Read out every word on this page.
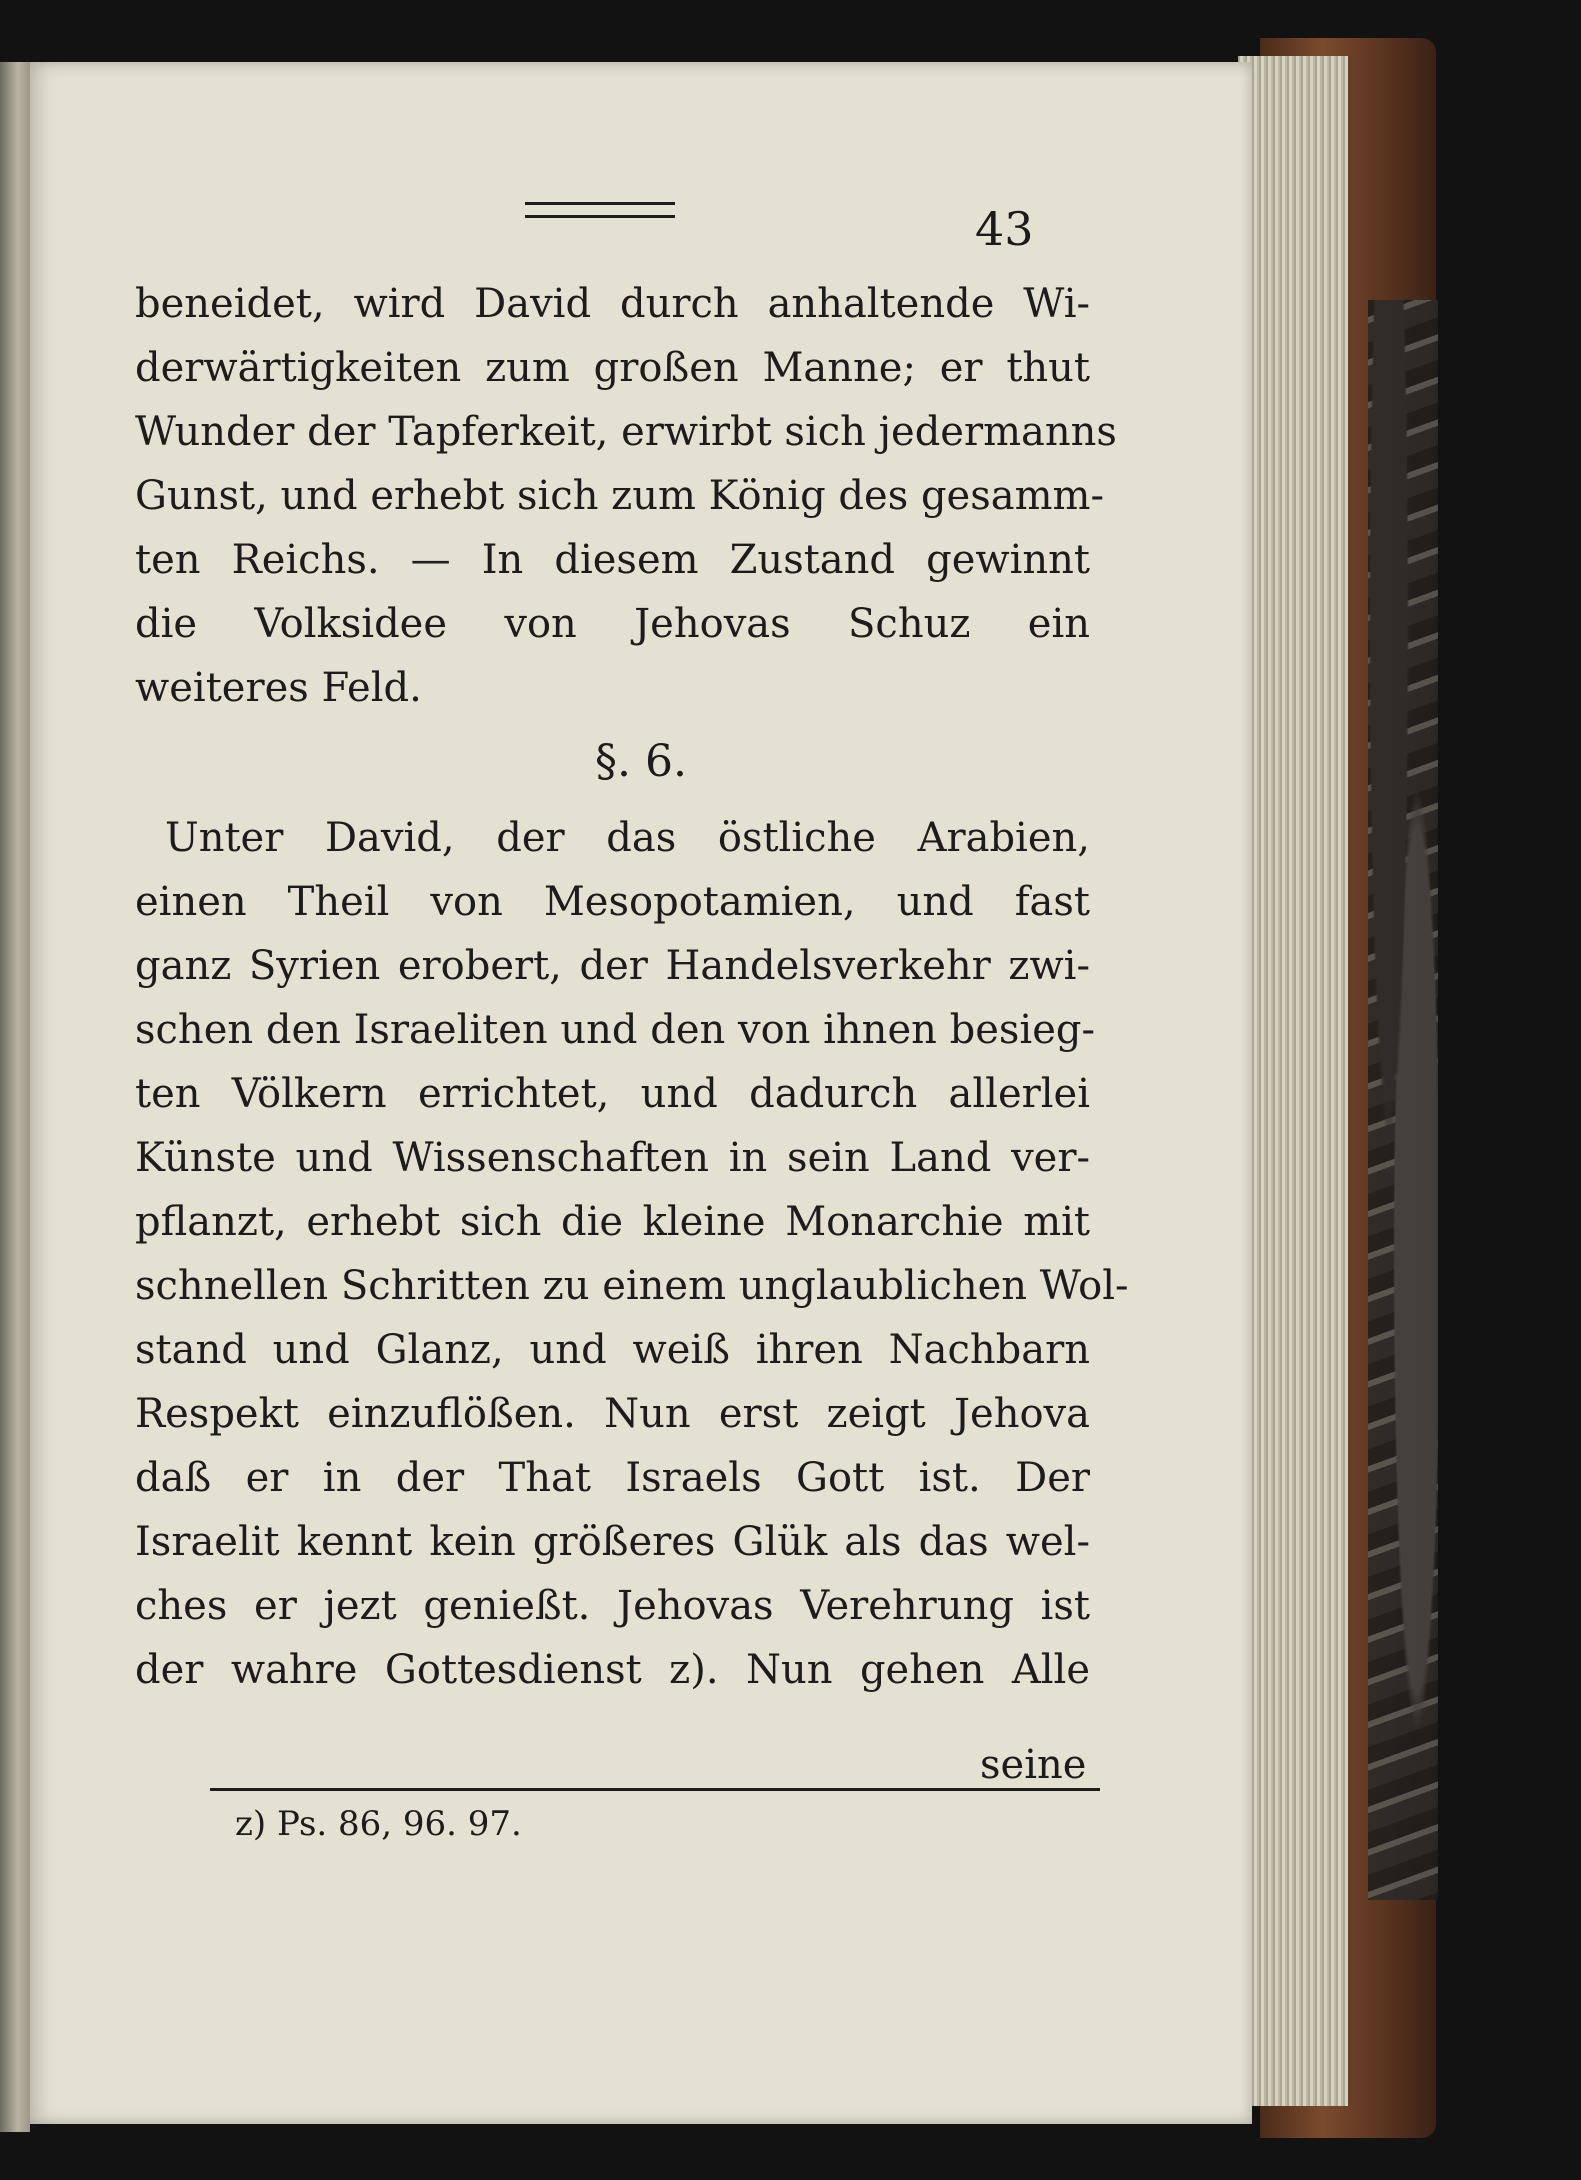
43
beneidet, wird David durch anhaltende Wi-
derwärtigkeiten zum großen Manne; er thut
Wunder der Tapferkeit, erwirbt sich jedermanns
Gunst, und erhebt sich zum König des gesamm-
ten Reichs. — In diesem Zustand gewinnt
die Volksidee von Jehovas Schuz ein
weiteres Feld.
§. 6.
Unter David, der das östliche Arabien,
einen Theil von Mesopotamien, und fast
ganz Syrien erobert, der Handelsverkehr zwi-
schen den Israeliten und den von ihnen besieg-
ten Völkern errichtet, und dadurch allerlei
Künste und Wissenschaften in sein Land ver-
pflanzt, erhebt sich die kleine Monarchie mit
schnellen Schritten zu einem unglaublichen Wol-
stand und Glanz, und weiß ihren Nachbarn
Respekt einzuflößen. Nun erst zeigt Jehova
daß er in der That Israels Gott ist. Der
Israelit kennt kein größeres Glük als das wel-
ches er jezt genießt. Jehovas Verehrung ist
der wahre Gottesdienst z). Nun gehen Alle
seine
z) Ps. 86, 96. 97.
